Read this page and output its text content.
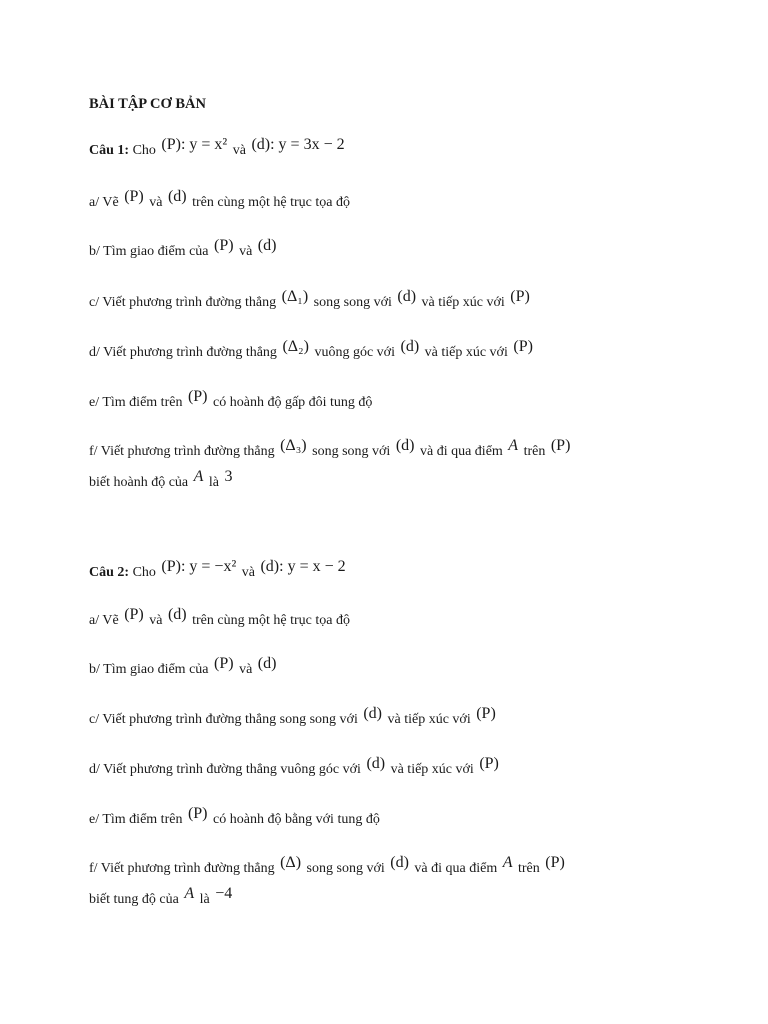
BÀI TẬP CƠ BẢN
Câu 1: Cho (P): y = x² và (d): y = 3x − 2
a/ Vẽ (P) và (d) trên cùng một hệ trục tọa độ
b/ Tìm giao điểm của (P) và (d)
c/ Viết phương trình đường thẳng (Δ₁) song song với (d) và tiếp xúc với (P)
d/ Viết phương trình đường thẳng (Δ₂) vuông góc với (d) và tiếp xúc với (P)
e/ Tìm điểm trên (P) có hoành độ gấp đôi tung độ
f/ Viết phương trình đường thẳng (Δ₃) song song với (d) và đi qua điểm A trên (P)
biết hoành độ của A là 3
Câu 2: Cho (P): y = −x² và (d): y = x − 2
a/ Vẽ (P) và (d) trên cùng một hệ trục tọa độ
b/ Tìm giao điểm của (P) và (d)
c/ Viết phương trình đường thẳng song song với (d) và tiếp xúc với (P)
d/ Viết phương trình đường thẳng vuông góc với (d) và tiếp xúc với (P)
e/ Tìm điểm trên (P) có hoành độ bằng với tung độ
f/ Viết phương trình đường thẳng (Δ) song song với (d) và đi qua điểm A trên (P)
biết tung độ của A là −4
